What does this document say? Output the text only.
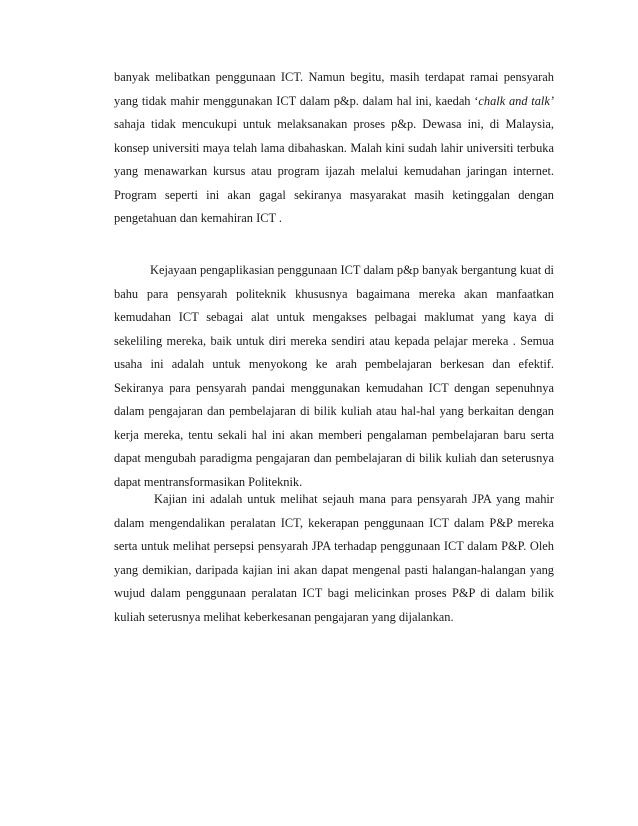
banyak melibatkan penggunaan ICT. Namun begitu, masih terdapat ramai pensyarah yang tidak mahir menggunakan ICT dalam p&p. dalam hal ini, kaedah ‘chalk and talk’ sahaja tidak mencukupi untuk melaksanakan proses p&p. Dewasa ini, di Malaysia, konsep universiti maya telah lama dibahaskan. Malah kini sudah lahir universiti terbuka yang menawarkan kursus atau program ijazah melalui kemudahan jaringan internet. Program seperti ini akan gagal sekiranya masyarakat masih ketinggalan dengan pengetahuan dan kemahiran ICT .

Kejayaan pengaplikasian penggunaan ICT dalam p&p banyak bergantung kuat di bahu para pensyarah politeknik khususnya bagaimana mereka akan manfaatkan kemudahan ICT sebagai alat untuk mengakses pelbagai maklumat yang kaya di sekeliling mereka, baik untuk diri mereka sendiri atau kepada pelajar mereka . Semua usaha ini adalah untuk menyokong ke arah pembelajaran berkesan dan efektif. Sekiranya para pensyarah pandai menggunakan kemudahan ICT dengan sepenuhnya dalam pengajaran dan pembelajaran di bilik kuliah atau hal-hal yang berkaitan dengan kerja mereka, tentu sekali hal ini akan memberi pengalaman pembelajaran baru serta dapat mengubah paradigma pengajaran dan pembelajaran di bilik kuliah dan seterusnya dapat mentransformasikan Politeknik.

Kajian ini adalah untuk melihat sejauh mana para pensyarah JPA yang mahir dalam mengendalikan peralatan ICT, kekerapan penggunaan ICT dalam P&P mereka serta untuk melihat persepsi pensyarah JPA terhadap penggunaan ICT dalam P&P. Oleh yang demikian, daripada kajian ini akan dapat mengenal pasti halangan-halangan yang wujud dalam penggunaan peralatan ICT bagi melicinkan proses P&P di dalam bilik kuliah seterusnya melihat keberkesanan pengajaran yang dijalankan.
